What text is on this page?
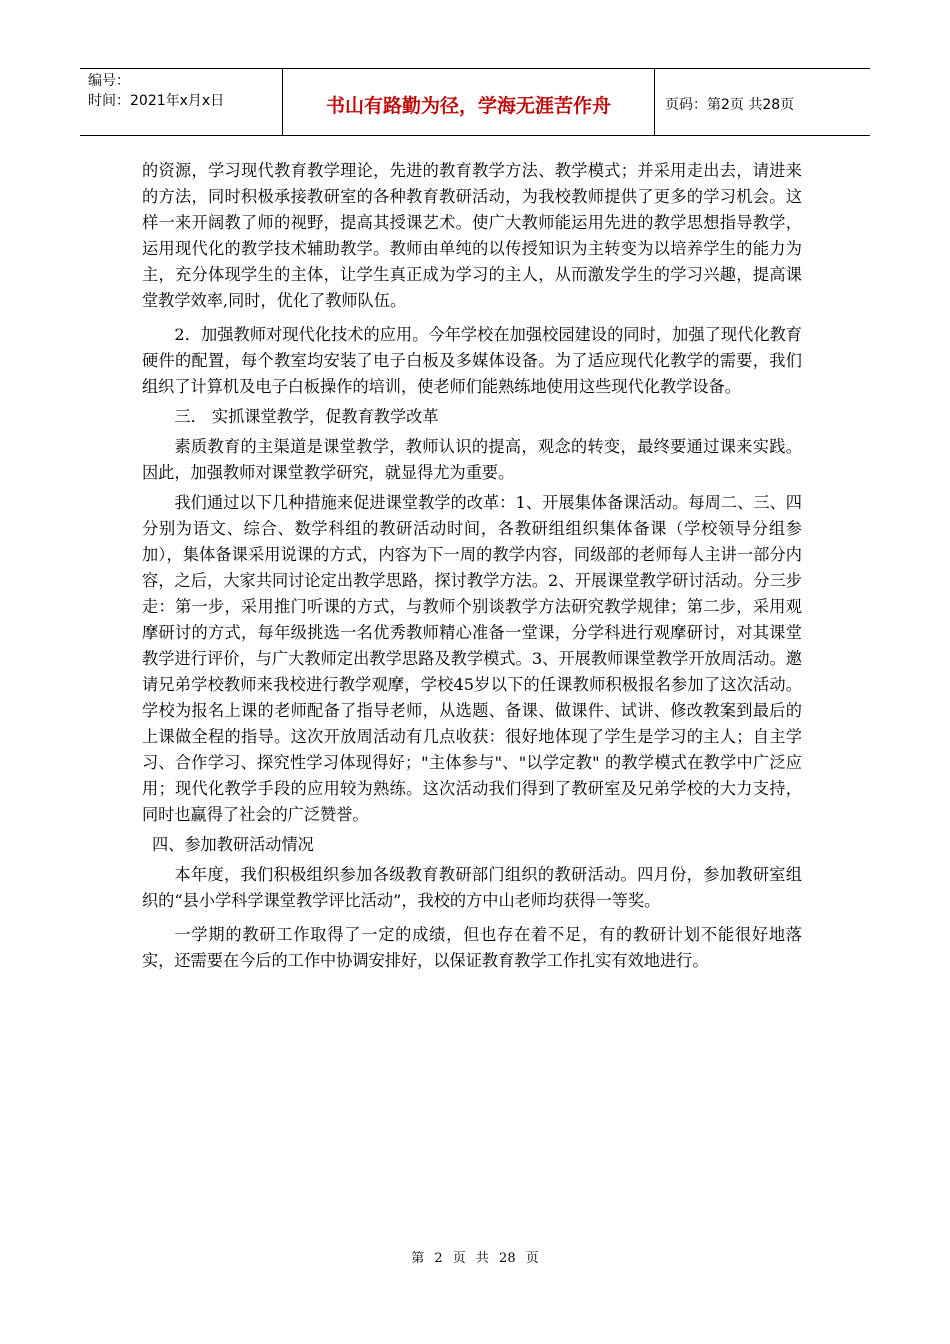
编号：
时间：2021年x月x日	书山有路勤为径，学海无涯苦作舟	页码：第2页 共28页

的资源，学习现代教育教学理论，先进的教育教学方法、教学模式；并采用走出去，请进来的方法，同时积极承接教研室的各种教育教研活动，为我校教师提供了更多的学习机会。这样一来开阔教了师的视野，提高其授课艺术。使广大教师能运用先进的教学思想指导教学，运用现代化的教学技术辅助教学。教师由单纯的以传授知识为主转变为以培养学生的能力为主，充分体现学生的主体，让学生真正成为学习的主人，从而激发学生的学习兴趣，提高课堂教学效率,同时，优化了教师队伍。

2．加强教师对现代化技术的应用。今年学校在加强校园建设的同时，加强了现代化教育硬件的配置，每个教室均安装了电子白板及多媒体设备。为了适应现代化教学的需要，我们组织了计算机及电子白板操作的培训，使老师们能熟练地使用这些现代化教学设备。

三． 实抓课堂教学，促教育教学改革

素质教育的主渠道是课堂教学，教师认识的提高，观念的转变，最终要通过课来实践。因此，加强教师对课堂教学研究，就显得尤为重要。

我们通过以下几种措施来促进课堂教学的改革：1、开展集体备课活动。每周二、三、四分别为语文、综合、数学科组的教研活动时间，各教研组组织集体备课（学校领导分组参加），集体备课采用说课的方式，内容为下一周的教学内容，同级部的老师每人主讲一部分内容，之后，大家共同讨论定出教学思路，探讨教学方法。2、开展课堂教学研讨活动。分三步走：第一步，采用推门听课的方式，与教师个别谈教学方法研究教学规律；第二步，采用观摩研讨的方式，每年级挑选一名优秀教师精心准备一堂课，分学科进行观摩研讨，对其课堂教学进行评价，与广大教师定出教学思路及教学模式。3、开展教师课堂教学开放周活动。邀请兄弟学校教师来我校进行教学观摩，学校45岁以下的任课教师积极报名参加了这次活动。学校为报名上课的老师配备了指导老师，从选题、备课、做课件、试讲、修改教案到最后的上课做全程的指导。这次开放周活动有几点收获：很好地体现了学生是学习的主人；自主学习、合作学习、探究性学习体现得好；"主体参与"、"以学定教" 的教学模式在教学中广泛应用；现代化教学手段的应用较为熟练。这次活动我们得到了教研室及兄弟学校的大力支持，同时也赢得了社会的广泛赞誉。

四、参加教研活动情况

本年度，我们积极组织参加各级教育教研部门组织的教研活动。四月份，参加教研室组织的“县小学科学课堂教学评比活动”，我校的方中山老师均获得一等奖。

一学期的教研工作取得了一定的成绩，但也存在着不足，有的教研计划不能很好地落实，还需要在今后的工作中协调安排好，以保证教育教学工作扎实有效地进行。

第 2 页 共 28 页
